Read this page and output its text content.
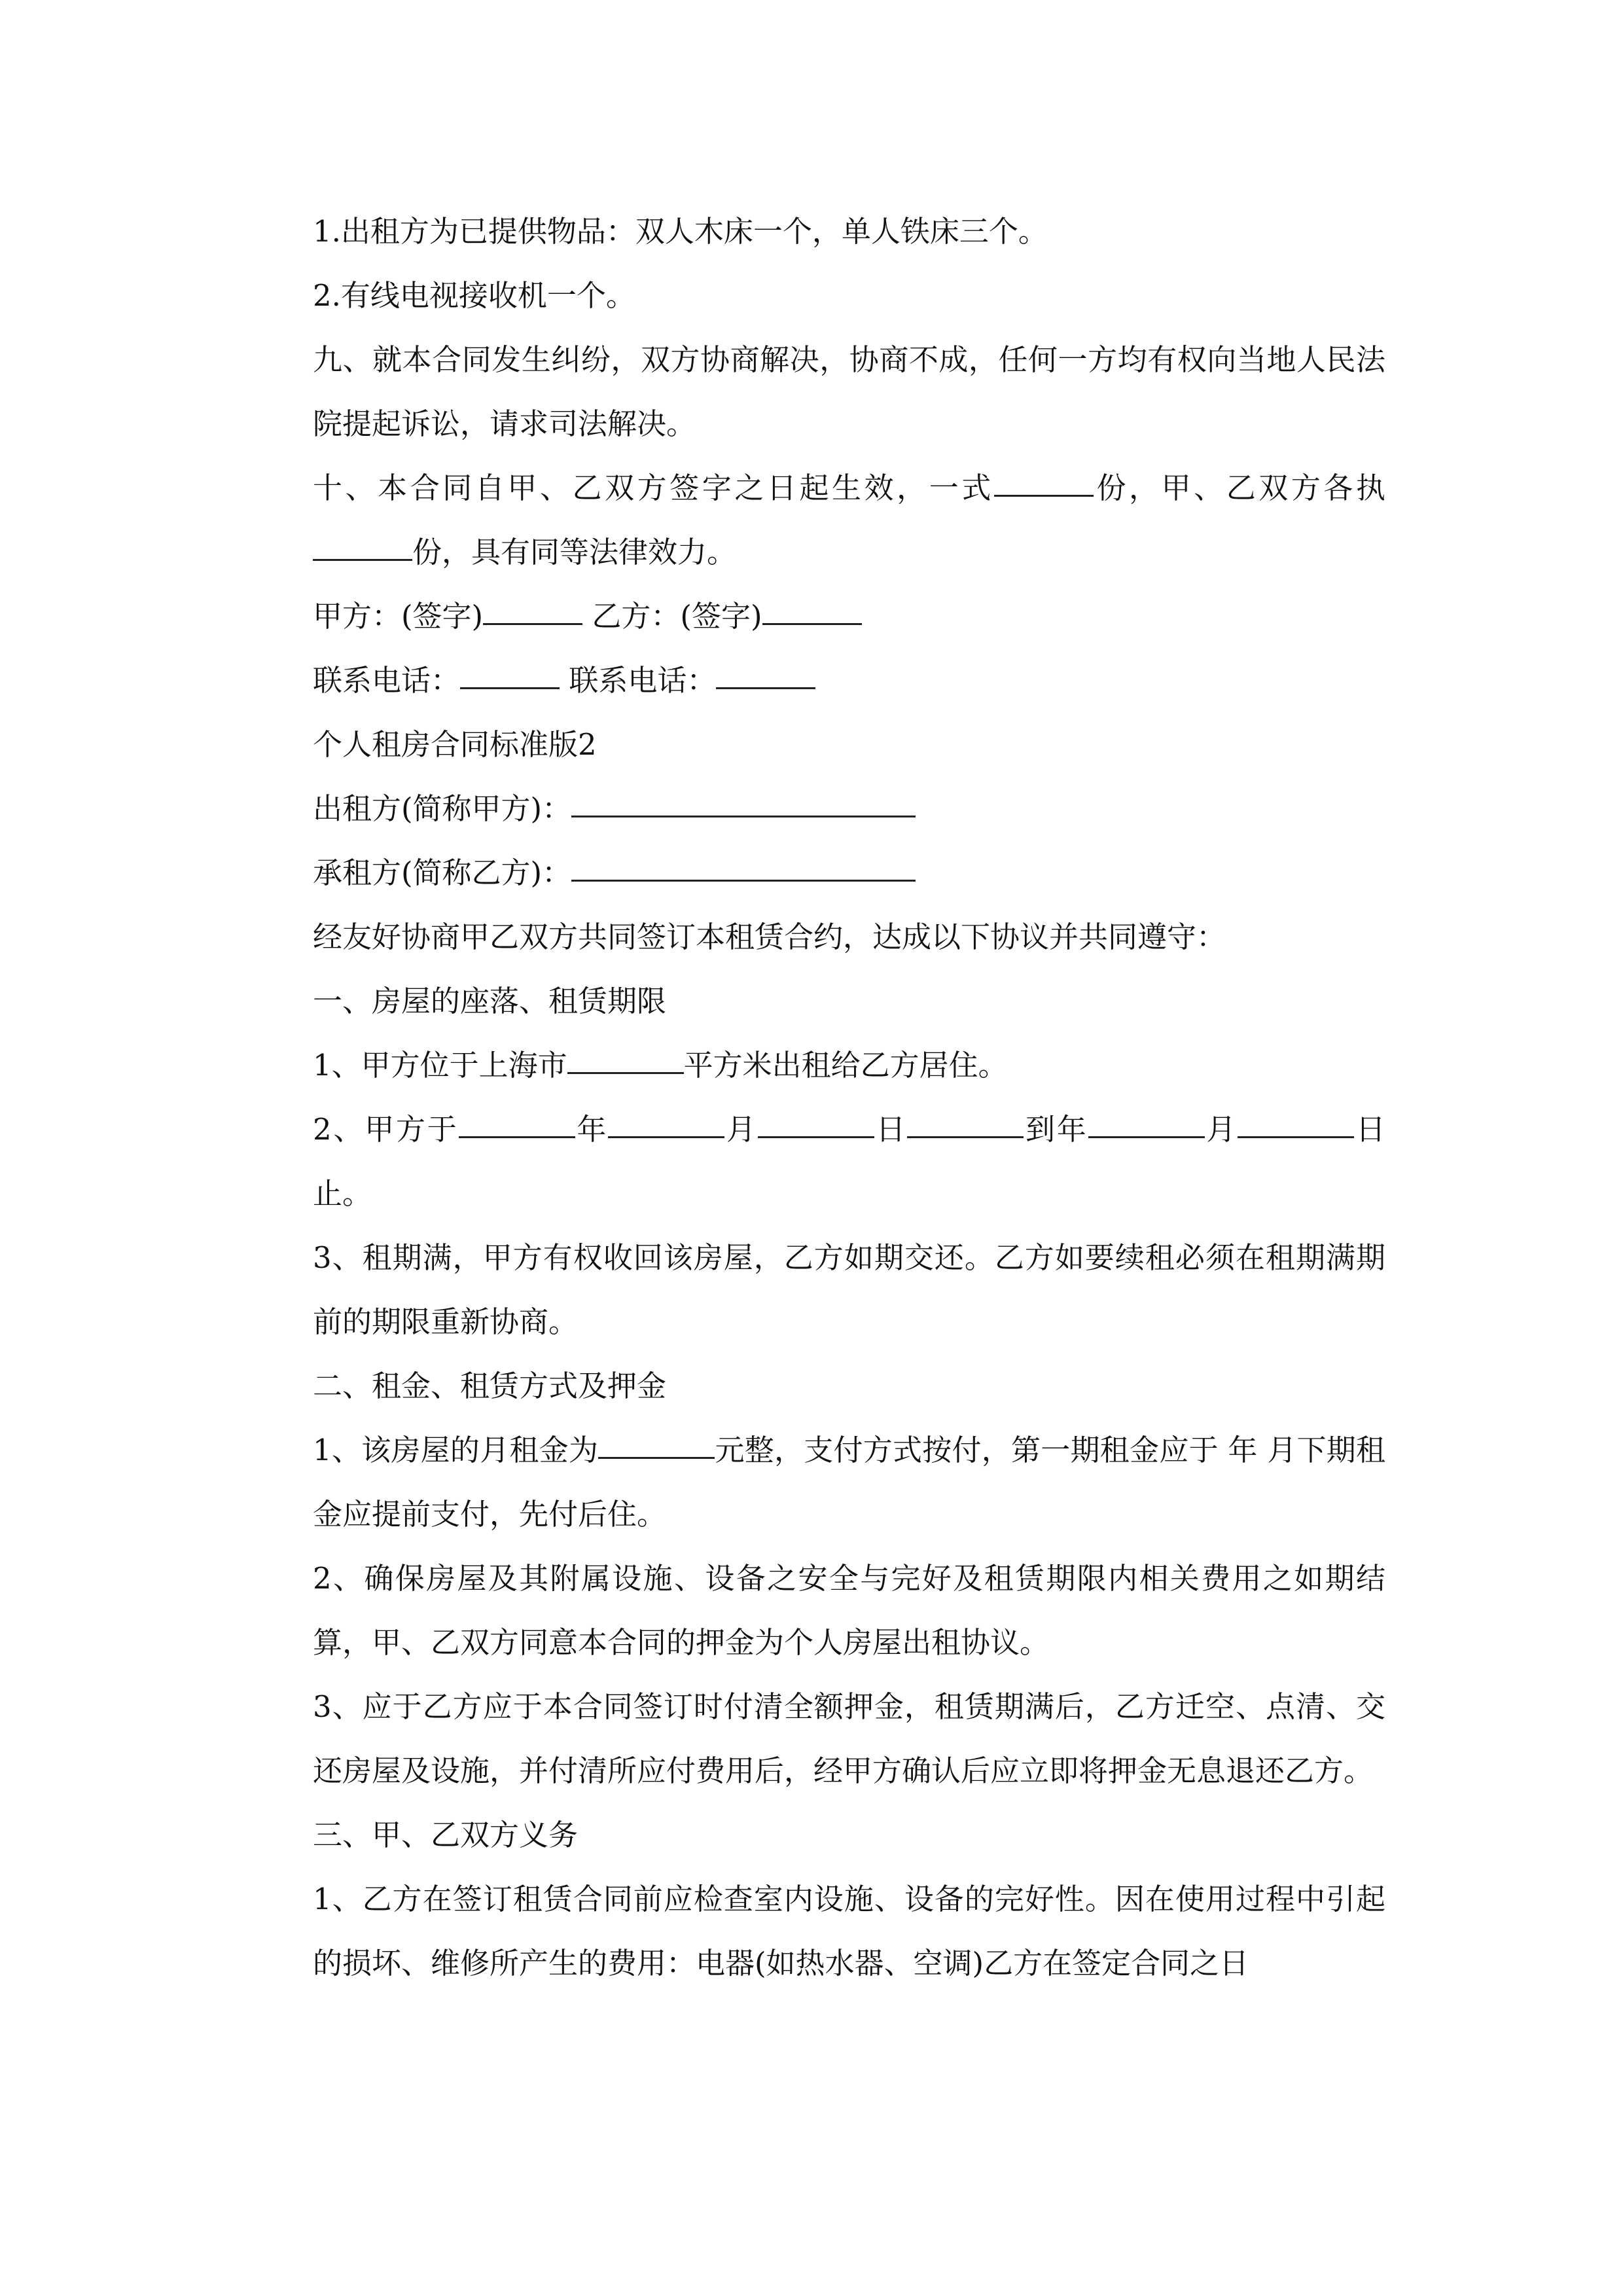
1.出租方为已提供物品：双人木床一个，单人铁床三个。

2.有线电视接收机一个。

九、就本合同发生纠纷，双方协商解决，协商不成，任何一方均有权向当地人民法院提起诉讼，请求司法解决。

十、本合同自甲、乙双方签字之日起生效，一式	份，甲、乙双方各执份，具有同等法律效力。

甲方：(签字)	乙方：(签字)

联系电话：	联系电话：

个人租房合同标准版2

出租方(简称甲方)：

承租方(简称乙方)：

经友好协商甲乙双方共同签订本租赁合约，达成以下协议并共同遵守：

一、房屋的座落、租赁期限

1、甲方位于上海市	平方米出租给乙方居住。

2、甲方于	年	月	日	到年	月	日止。

3、租期满，甲方有权收回该房屋，乙方如期交还。乙方如要续租必须在租期满期前的期限重新协商。

二、租金、租赁方式及押金

1、该房屋的月租金为	元整，支付方式按付，第一期租金应于 年 月下期租金应提前支付，先付后住。

2、确保房屋及其附属设施、设备之安全与完好及租赁期限内相关费用之如期结算，甲、乙双方同意本合同的押金为个人房屋出租协议。

3、应于乙方应于本合同签订时付清全额押金，租赁期满后，乙方迁空、点清、交还房屋及设施，并付清所应付费用后，经甲方确认后应立即将押金无息退还乙方。

三、甲、乙双方义务

1、乙方在签订租赁合同前应检查室内设施、设备的完好性。因在使用过程中引起的损坏、维修所产生的费用：电器(如热水器、空调)乙方在签定合同之日
